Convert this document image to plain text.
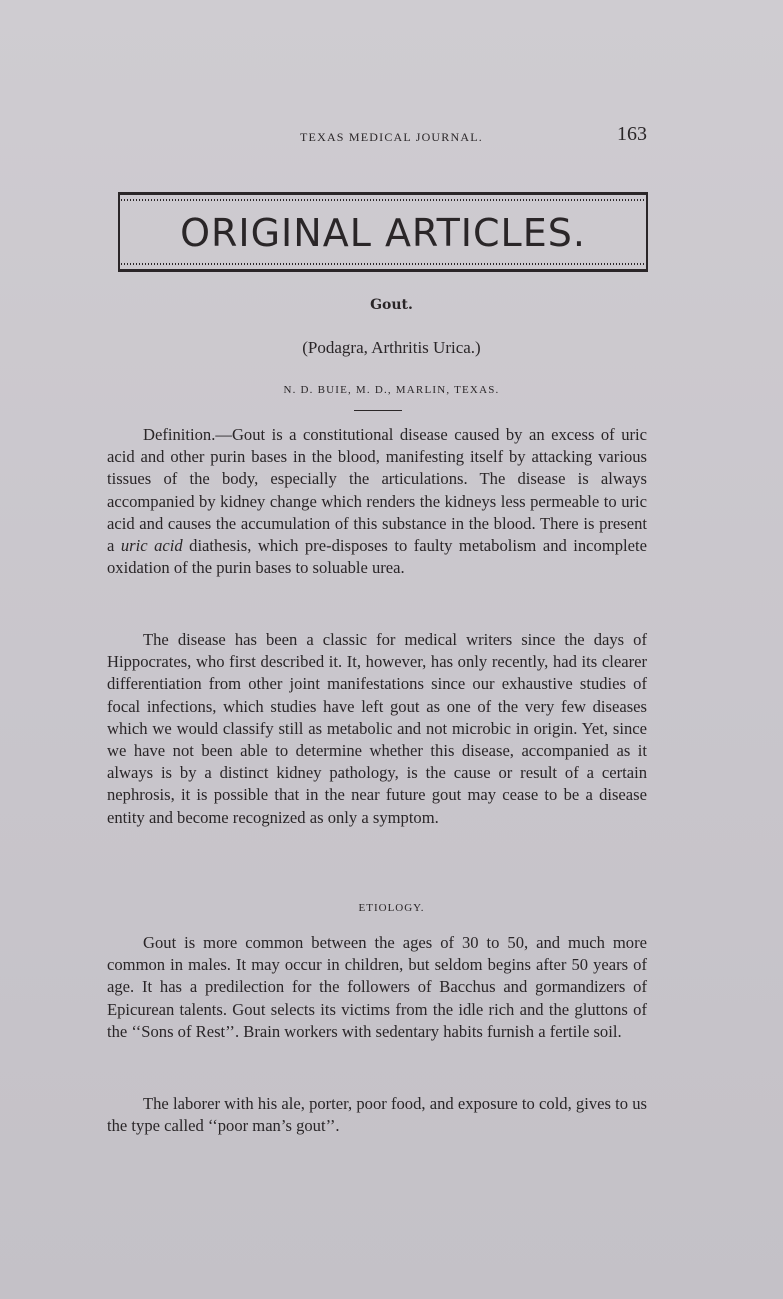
TEXAS MEDICAL JOURNAL.	163
ORIGINAL ARTICLES.
Gout.
(Podagra, Arthritis Urica.)
N. D. BUIE, M. D., MARLIN, TEXAS.

Definition.—Gout is a constitutional disease caused by an excess of uric acid and other purin bases in the blood, manifesting itself by attacking various tissues of the body, especially the articulations. The disease is always accompanied by kidney change which renders the kidneys less permeable to uric acid and causes the accumulation of this substance in the blood. There is present a uric acid diathesis, which pre-disposes to faulty metabolism and incomplete oxidation of the purin bases to soluable urea.

The disease has been a classic for medical writers since the days of Hippocrates, who first described it. It, however, has only recently, had its clearer differentiation from other joint manifestations since our exhaustive studies of focal infections, which studies have left gout as one of the very few diseases which we would classify still as metabolic and not microbic in origin. Yet, since we have not been able to determine whether this disease, accompanied as it always is by a distinct kidney pathology, is the cause or result of a certain nephrosis, it is possible that in the near future gout may cease to be a disease entity and become recognized as only a symptom.

ETIOLOGY.

Gout is more common between the ages of 30 to 50, and much more common in males. It may occur in children, but seldom begins after 50 years of age. It has a predilection for the followers of Bacchus and gormandizers of Epicurean talents. Gout selects its victims from the idle rich and the gluttons of the ‘‘Sons of Rest’’. Brain workers with sedentary habits furnish a fertile soil.

The laborer with his ale, porter, poor food, and exposure to cold, gives to us the type called ‘‘poor man’s gout’’.
